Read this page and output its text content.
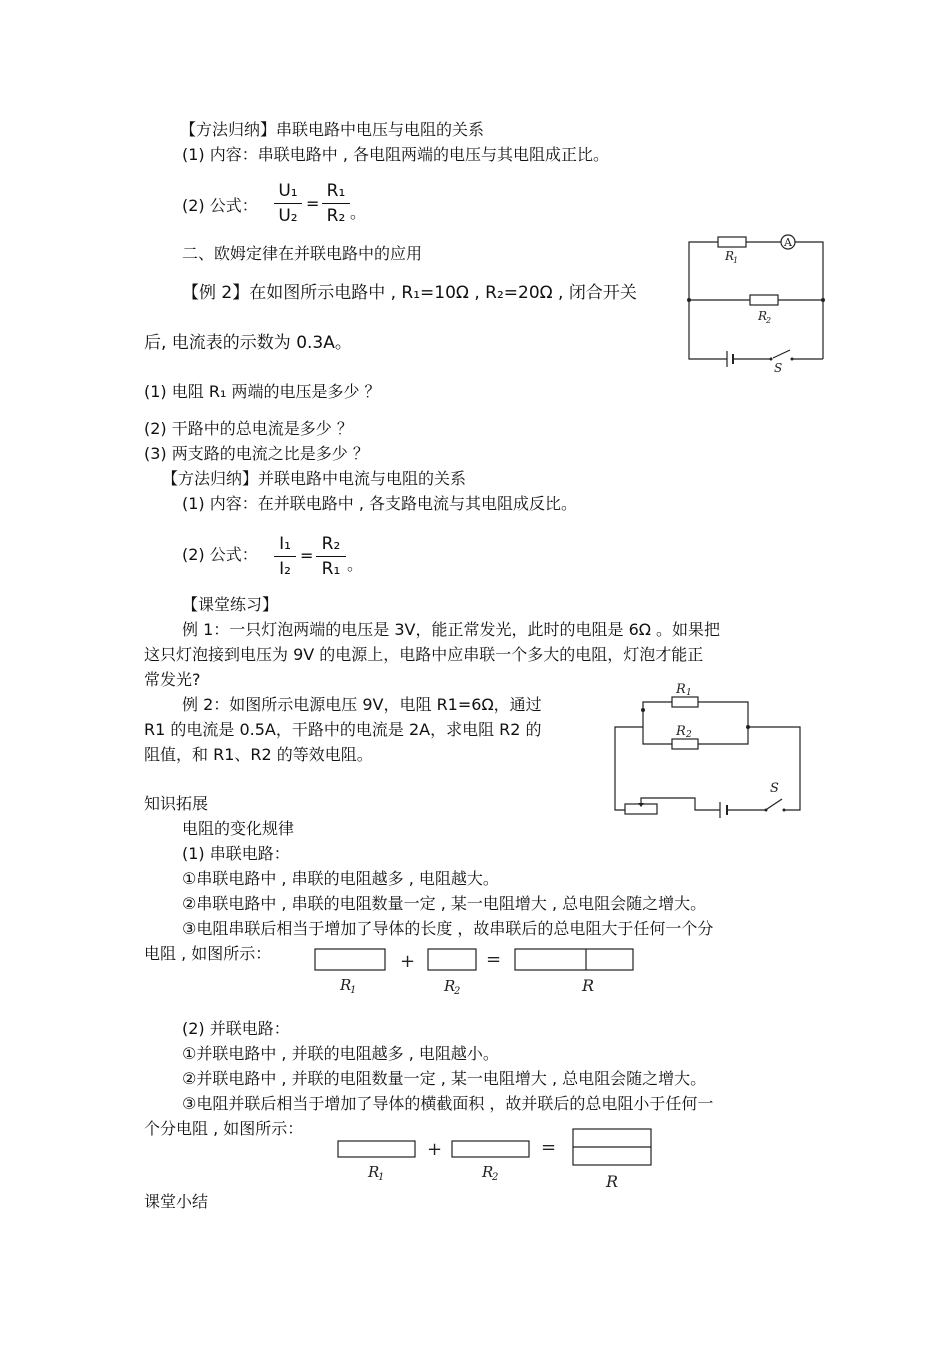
【方法归纳】串联电路中电压与电阻的关系
(1) 内容：串联电路中 , 各电阻两端的电压与其电阻成正比。
(2) 公式：
U₁
U₂
=
R₁
R₂ 。
二、欧姆定律在并联电路中的应用
【例 2】在如图所示电路中 , R₁=10Ω , R₂=20Ω , 闭合开关
后, 电流表的示数为 0.3A。
(1) 电阻 R₁ 两端的电压是多少 ？
(2) 干路中的总电流是多少 ？
(3) 两支路的电流之比是多少 ？
A
R
1
R
2
S
【方法归纳】并联电路中电流与电阻的关系
(1) 内容：在并联电路中 , 各支路电流与其电阻成反比。
(2) 公式：
I₁
I₂
=
R₂
R₁ 。
【课堂练习】
例 1：一只灯泡两端的电压是 3V，能正常发光，此时的电阻是 6Ω 。如果把
这只灯泡接到电压为 9V 的电源上，电路中应串联一个多大的电阻，灯泡才能正
常发光?
例 2：如图所示电源电压 9V，电阻 R1=6Ω，通过
R1 的电流是 0.5A，干路中的电流是 2A，求电阻 R2 的
阻值，和 R1、R2 的等效电阻。
R 1
R 2
S
知识拓展
电阻的变化规律
(1) 串联电路：
①串联电路中 , 串联的电阻越多 , 电阻越大。
②串联电路中 , 串联的电阻数量一定 , 某一电阻增大 , 总电阻会随之增大。
③电阻串联后相当于增加了导体的长度 ，故串联后的总电阻大于任何一个分
电阻 , 如图所示：	+	=
R
1	R
2	R
(2) 并联电路：
①并联电路中 , 并联的电阻越多 , 电阻越小。
②并联电路中 , 并联的电阻数量一定 , 某一电阻增大 , 总电阻会随之增大。
③电阻并联后相当于增加了导体的横截面积 ，故并联后的总电阻小于任何一
个分电阻 , 如图所示：
+	=
R
1	R
2	R
课堂小结
